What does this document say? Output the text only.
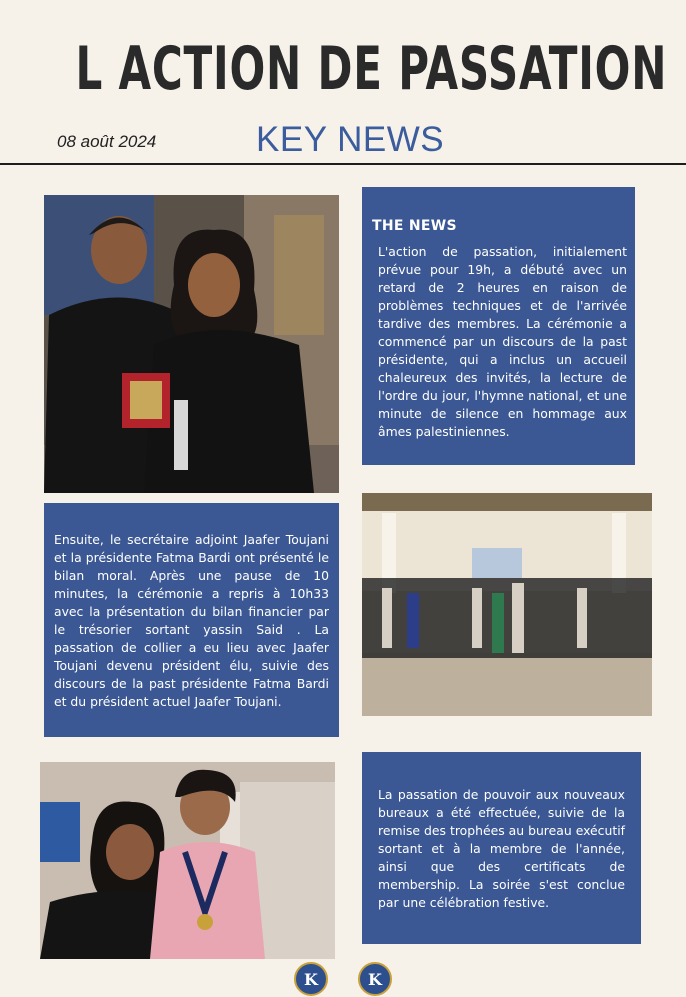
L ACTION DE PASSATION
08 août 2024	KEY NEWS
THE NEWS

L'action de passation, initialement prévue pour 19h, a débuté avec un retard de 2 heures en raison de problèmes techniques et de l'arrivée tardive des membres. La cérémonie a commencé par un discours de la past présidente, qui a inclus un accueil chaleureux des invités, la lecture de l'ordre du jour, l'hymne national, et une minute de silence en hommage aux âmes palestiniennes.

Ensuite, le secrétaire adjoint Jaafer Toujani et la présidente Fatma Bardi ont présenté le bilan moral. Après une pause de 10 minutes, la cérémonie a repris à 10h33 avec la présentation du bilan financier par le trésorier sortant yassin Said . La passation de collier a eu lieu avec Jaafer Toujani devenu président élu, suivie des discours de la past présidente Fatma Bardi et du président actuel Jaafer Toujani.

La passation de pouvoir aux nouveaux bureaux a été effectuée, suivie de la remise des trophées au bureau exécutif sortant et à la membre de l'année, ainsi que des certificats de membership. La soirée s'est conclue par une célébration festive.

K	K
